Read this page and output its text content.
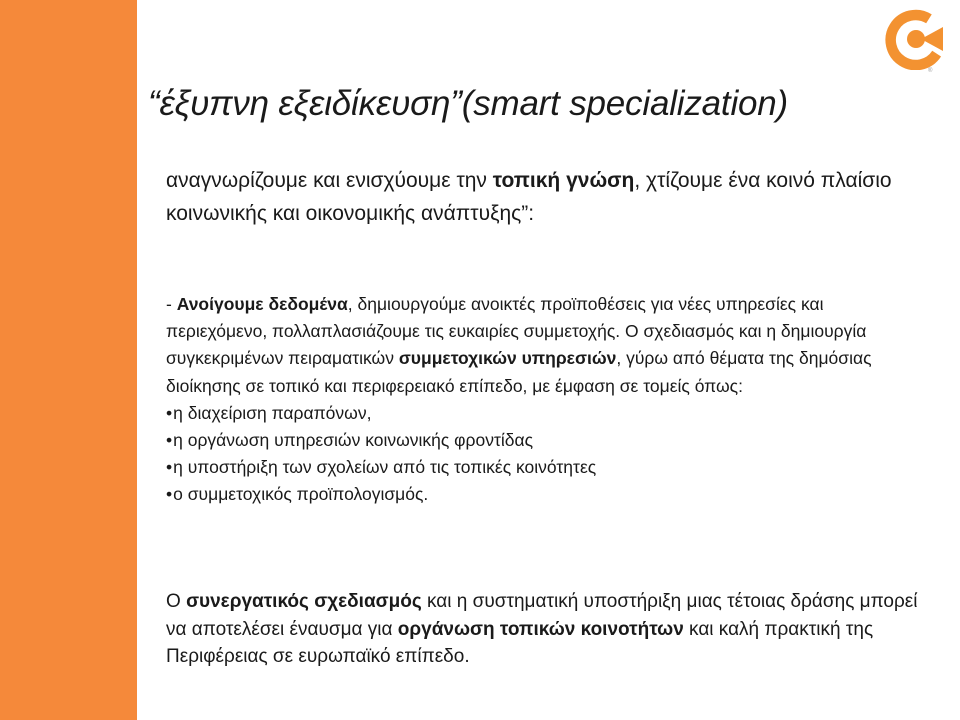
®
“έξυπνη εξειδίκευση”(smart specialization)

αναγνωρίζουμε και ενισχύουμε την τοπική γνώση, χτίζουμε ένα κοινό πλαίσιο κοινωνικής και οικονομικής ανάπτυξης”:

- Ανοίγουμε δεδομένα, δημιουργούμε ανοικτές προϊποθέσεις για νέες υπηρεσίες και περιεχόμενο, πολλαπλασιάζουμε τις ευκαιρίες συμμετοχής. Ο σχεδιασμός και η δημιουργία συγκεκριμένων πειραματικών συμμετοχικών υπηρεσιών, γύρω από θέματα της δημόσιας διοίκησης σε τοπικό και περιφερειακό επίπεδο, με έμφαση σε τομείς όπως:
• η διαχείριση παραπόνων,
• η οργάνωση υπηρεσιών κοινωνικής φροντίδας
• η υποστήριξη των σχολείων από τις τοπικές κοινότητες
• ο συμμετοχικός προϊπολογισμός.

Ο συνεργατικός σχεδιασμός και η συστηματική υποστήριξη μιας τέτοιας δράσης μπορεί να αποτελέσει έναυσμα για οργάνωση τοπικών κοινοτήτων και καλή πρακτική της Περιφέρειας σε ευρωπαϊκό επίπεδο.
